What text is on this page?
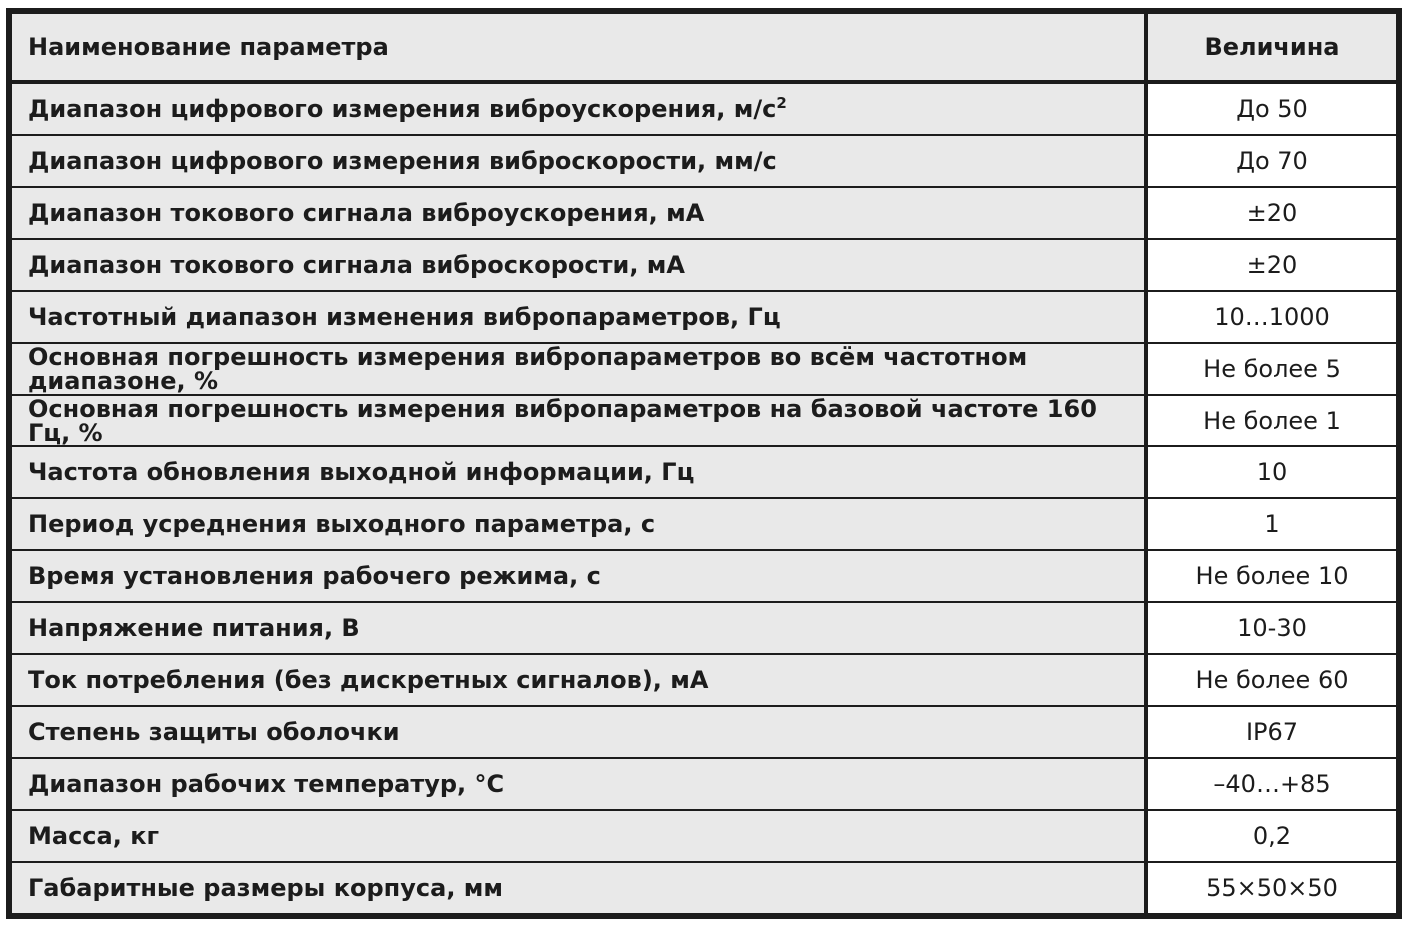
Наименование параметра	Величина
Диапазон цифрового измерения виброускорения, $м/с^2$	До 50
Диапазон цифрового измерения виброскорости, мм/с	До 70
Диапазон токового сигнала виброускорения, мА	±20
Диапазон токового сигнала виброскорости, мА	±20
Частотный диапазон изменения вибропараметров, Гц	10…1000
Основная погрешность измерения вибропараметров во всём частотном диапазоне, %	Не более 5
Основная погрешность измерения вибропараметров на базовой частоте 160 Гц, %	Не более 1
Частота обновления выходной информации, Гц	10
Период усреднения выходного параметра, с	1
Время установления рабочего режима, с	Не более 10
Напряжение питания, В	10-30
Ток потребления (без дискретных сигналов), мА	Не более 60
Степень защиты оболочки	IP67
Диапазон рабочих температур, °С	–40…+85
Масса, кг	0,2
Габаритные размеры корпуса, мм	55×50×50
